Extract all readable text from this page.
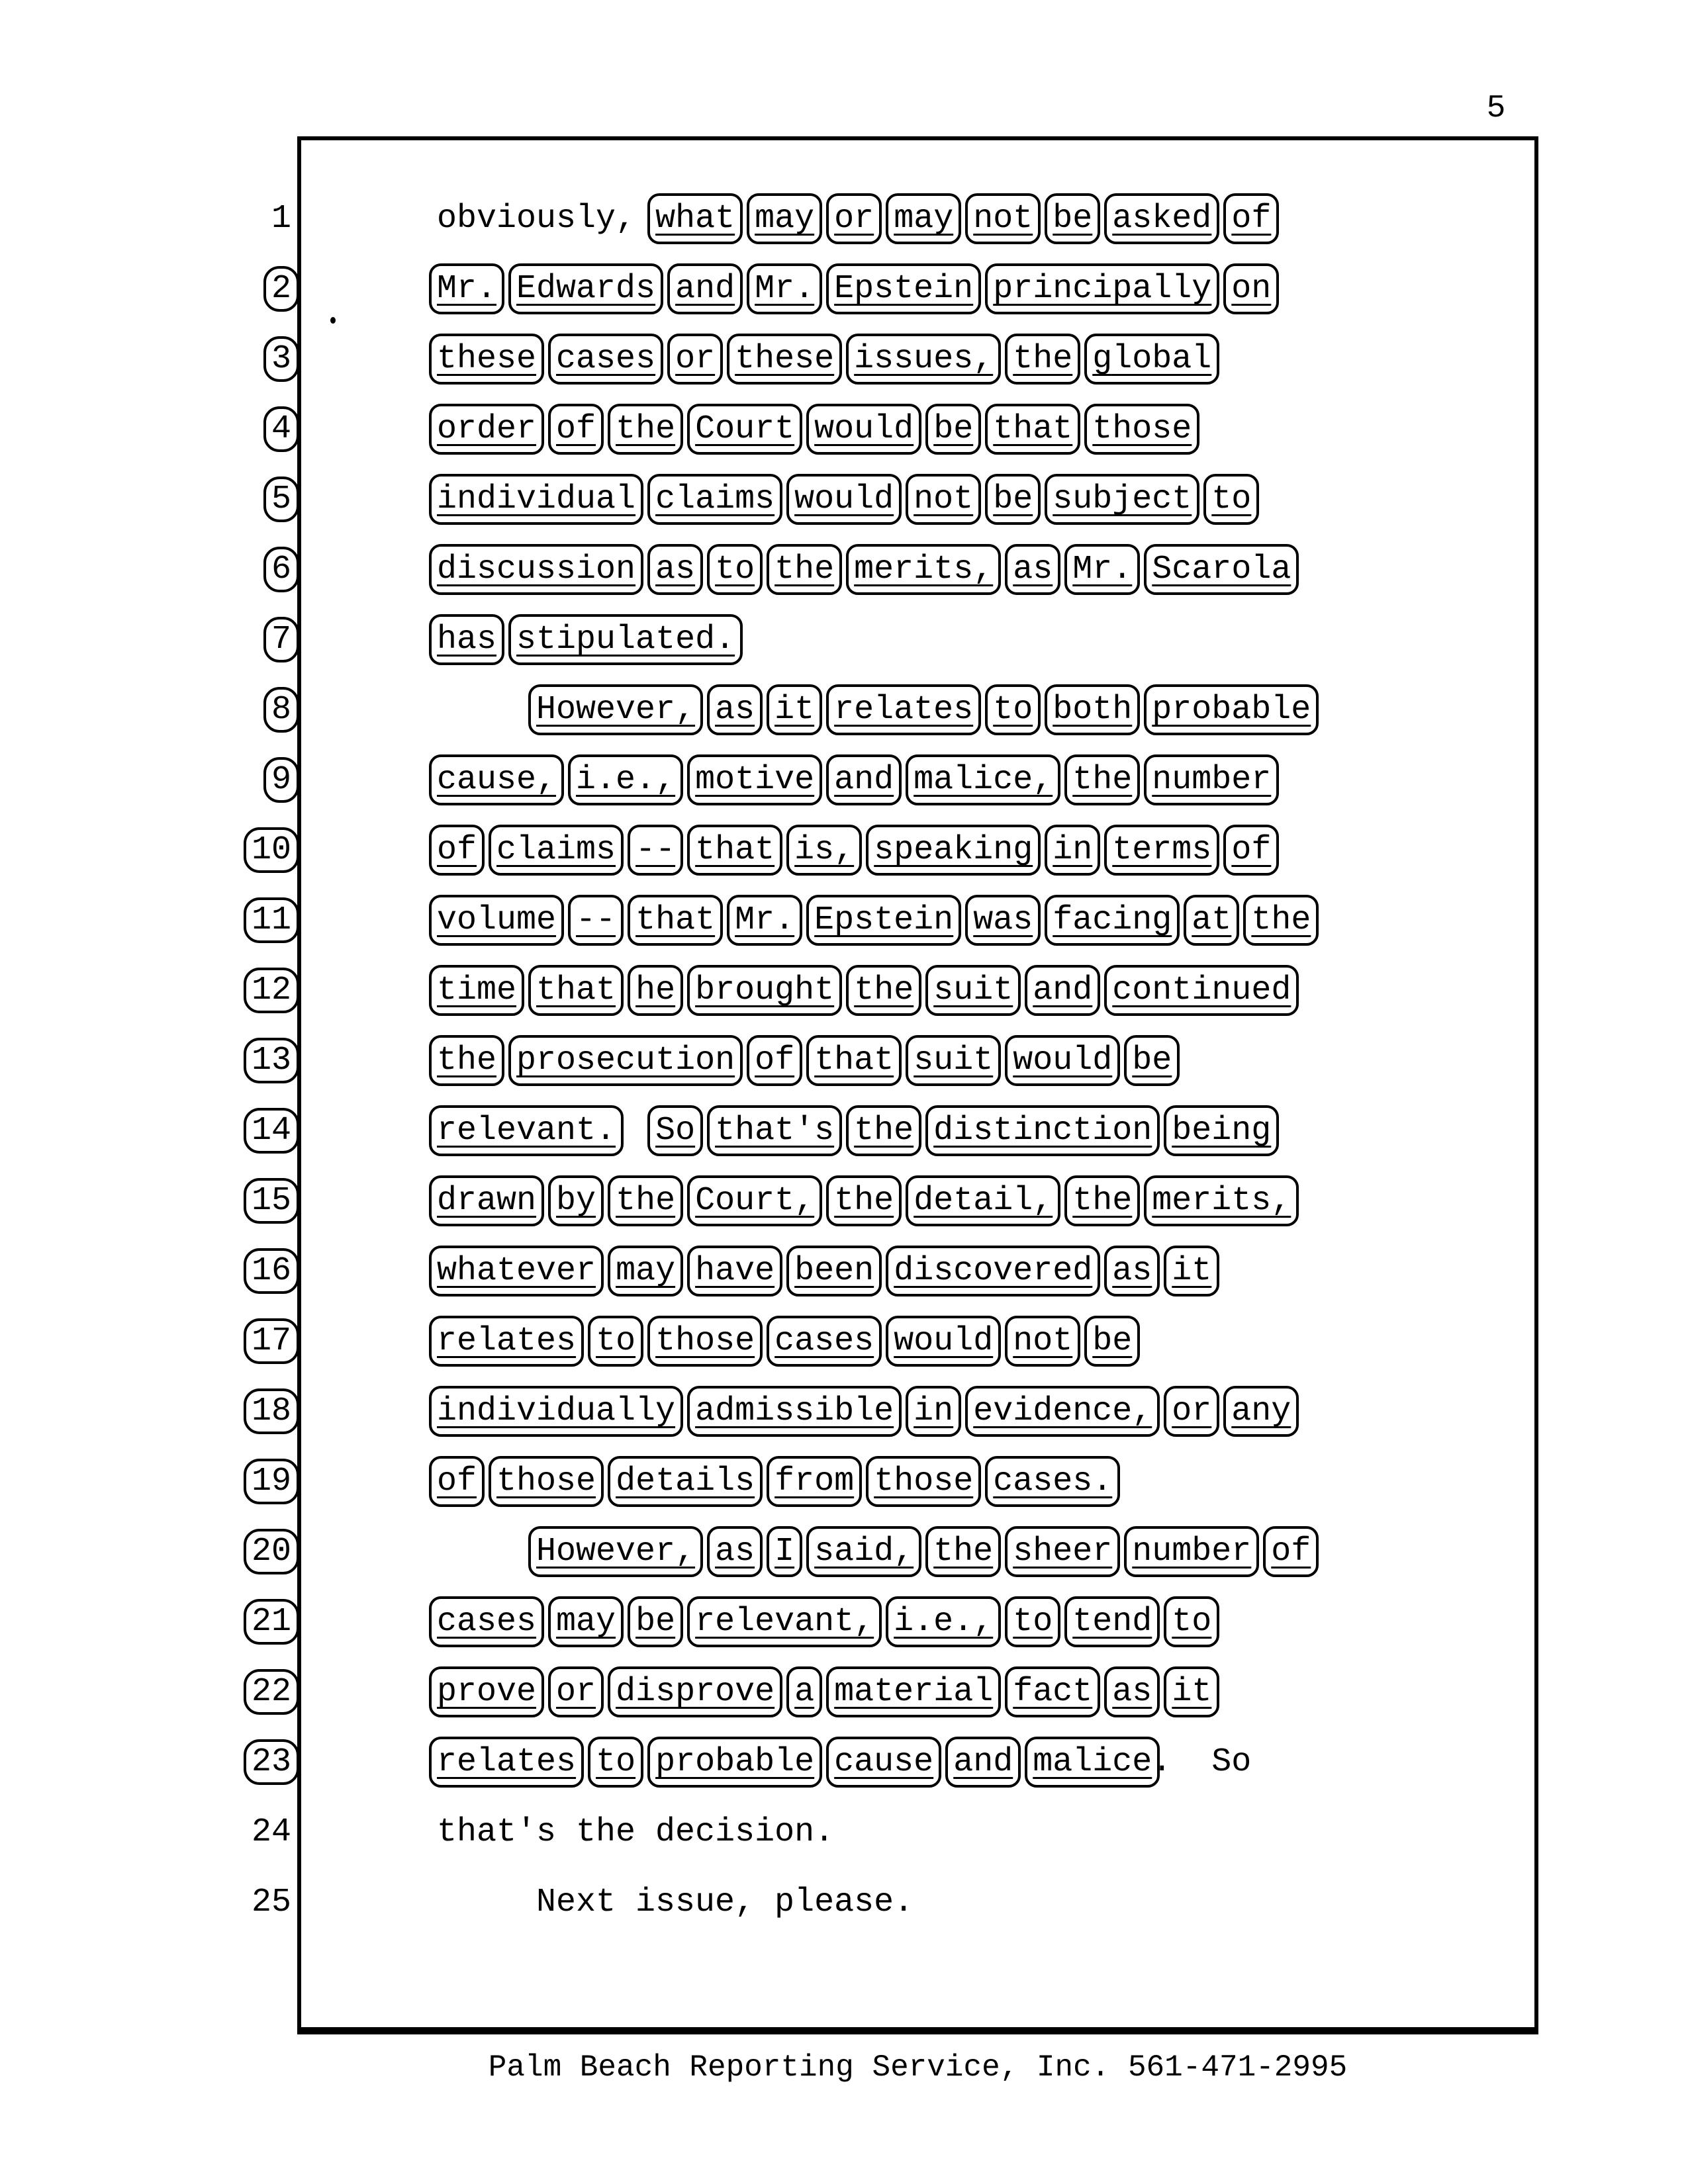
5
1	obviously, what may or may not be asked of
2	Mr. Edwards and Mr. Epstein principally on
3	these cases or these issues, the global
4	order of the Court would be that those
5	individual claims would not be subject to
6	discussion as to the merits, as Mr. Scarola
7	has stipulated.
8	However, as it relates to both probable
9	cause, i.e., motive and malice, the number
10	of claims -- that is, speaking in terms of
11	volume -- that Mr. Epstein was facing at the
12	time that he brought the suit and continued
13	the prosecution of that suit would be
14	relevant. So that's the distinction being
15	drawn by the Court, the detail, the merits,
16	whatever may have been discovered as it
17	relates to those cases would not be
18	individually admissible in evidence, or any
19	of those details from those cases.
20	However, as I said, the sheer number of
21	cases may be relevant, i.e., to tend to
22	prove or disprove a material fact as it
23	relates to probable cause and malice. So
24	that's the decision.
25	Next issue, please.
Palm Beach Reporting Service, Inc. 561-471-2995
